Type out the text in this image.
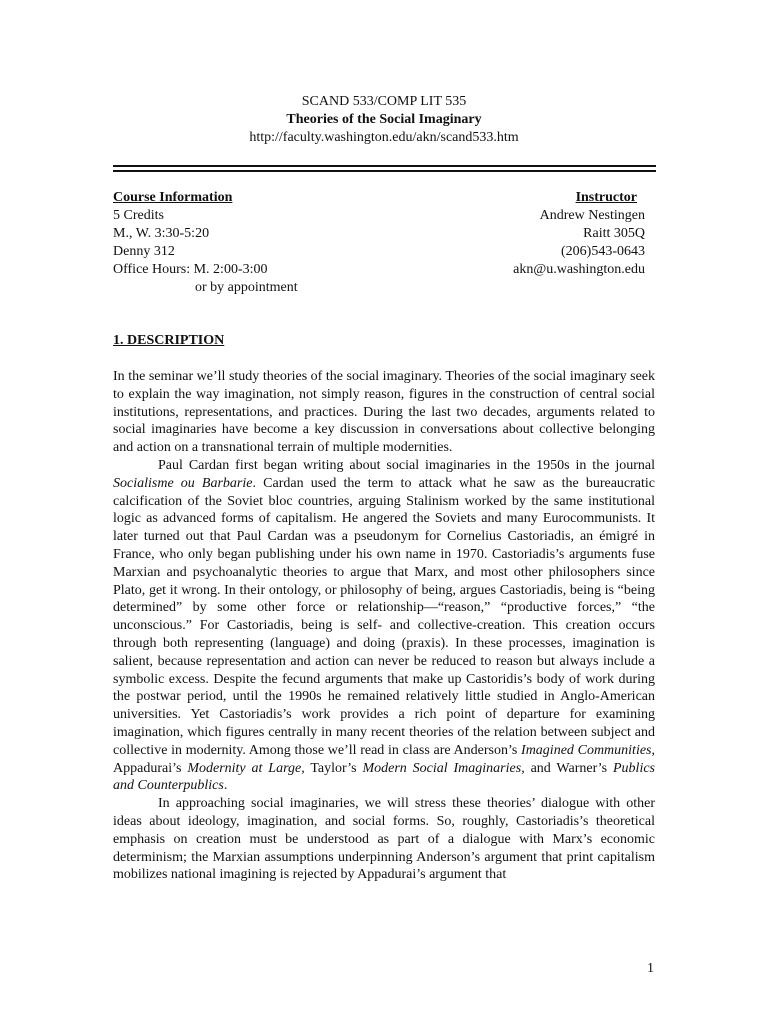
SCAND 533/COMP LIT 535
Theories of the Social Imaginary
http://faculty.washington.edu/akn/scand533.htm
Course Information
5 Credits
M., W. 3:30-5:20
Denny 312
Office Hours: M. 2:00-3:00
or by appointment
Instructor
Andrew Nestingen
Raitt 305Q
(206)543-0643
akn@u.washington.edu
1. DESCRIPTION

In the seminar we’ll study theories of the social imaginary. Theories of the social imaginary seek to explain the way imagination, not simply reason, figures in the construction of central social institutions, representations, and practices. During the last two decades, arguments related to social imaginaries have become a key discussion in conversations about collective belonging and action on a transnational terrain of multiple modernities.

Paul Cardan first began writing about social imaginaries in the 1950s in the journal Socialisme ou Barbarie. Cardan used the term to attack what he saw as the bureaucratic calcification of the Soviet bloc countries, arguing Stalinism worked by the same institutional logic as advanced forms of capitalism. He angered the Soviets and many Eurocommunists. It later turned out that Paul Cardan was a pseudonym for Cornelius Castoriadis, an émigré in France, who only began publishing under his own name in 1970. Castoriadis’s arguments fuse Marxian and psychoanalytic theories to argue that Marx, and most other philosophers since Plato, get it wrong. In their ontology, or philosophy of being, argues Castoriadis, being is “being determined” by some other force or relationship—“reason,” “productive forces,” “the unconscious.” For Castoriadis, being is self- and collective-creation. This creation occurs through both representing (language) and doing (praxis). In these processes, imagination is salient, because representation and action can never be reduced to reason but always include a symbolic excess. Despite the fecund arguments that make up Castoridis’s body of work during the postwar period, until the 1990s he remained relatively little studied in Anglo-American universities. Yet Castoriadis’s work provides a rich point of departure for examining imagination, which figures centrally in many recent theories of the relation between subject and collective in modernity. Among those we’ll read in class are Anderson’s Imagined Communities, Appadurai’s Modernity at Large, Taylor’s Modern Social Imaginaries, and Warner’s Publics and Counterpublics.

In approaching social imaginaries, we will stress these theories’ dialogue with other ideas about ideology, imagination, and social forms. So, roughly, Castoriadis’s theoretical emphasis on creation must be understood as part of a dialogue with Marx’s economic determinism; the Marxian assumptions underpinning Anderson’s argument that print capitalism mobilizes national imagining is rejected by Appadurai’s argument that

1
